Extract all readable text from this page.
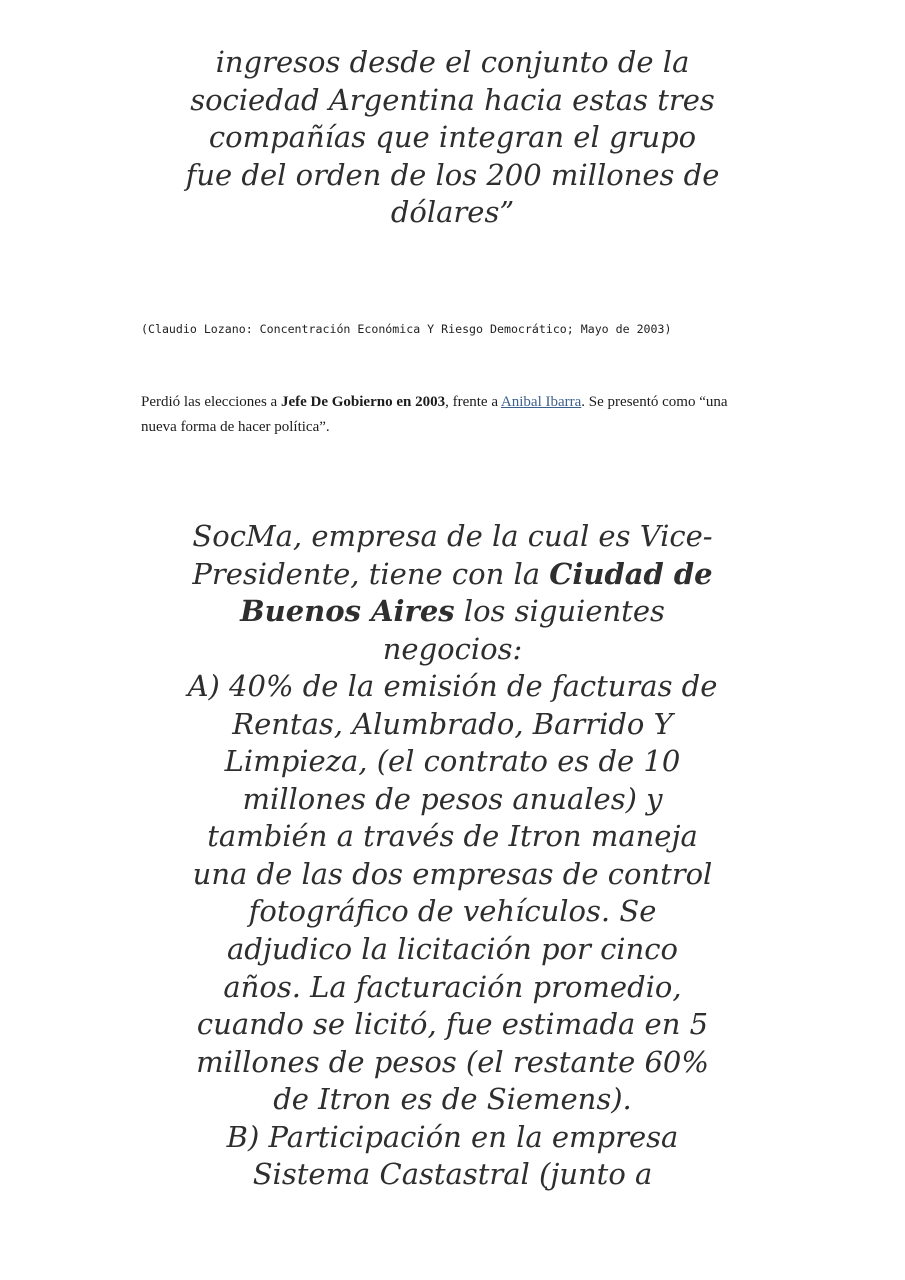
ingresos desde el conjunto de la sociedad Argentina hacia estas tres compañías que integran el grupo fue del orden de los 200 millones de dólares”

(Claudio Lozano: Concentración Económica Y Riesgo Democrático; Mayo de 2003)

Perdió las elecciones a Jefe De Gobierno en 2003, frente a Anibal Ibarra. Se presentó como “una nueva forma de hacer política”.

SocMa, empresa de la cual es Vice-Presidente, tiene con la Ciudad de Buenos Aires los siguientes negocios:
A) 40% de la emisión de facturas de Rentas, Alumbrado, Barrido Y Limpieza, (el contrato es de 10 millones de pesos anuales) y también a través de Itron maneja una de las dos empresas de control fotográfico de vehículos. Se adjudico la licitación por cinco años. La facturación promedio, cuando se licitó, fue estimada en 5 millones de pesos (el restante 60% de Itron es de Siemens).
B) Participación en la empresa Sistema Castastral (junto a
